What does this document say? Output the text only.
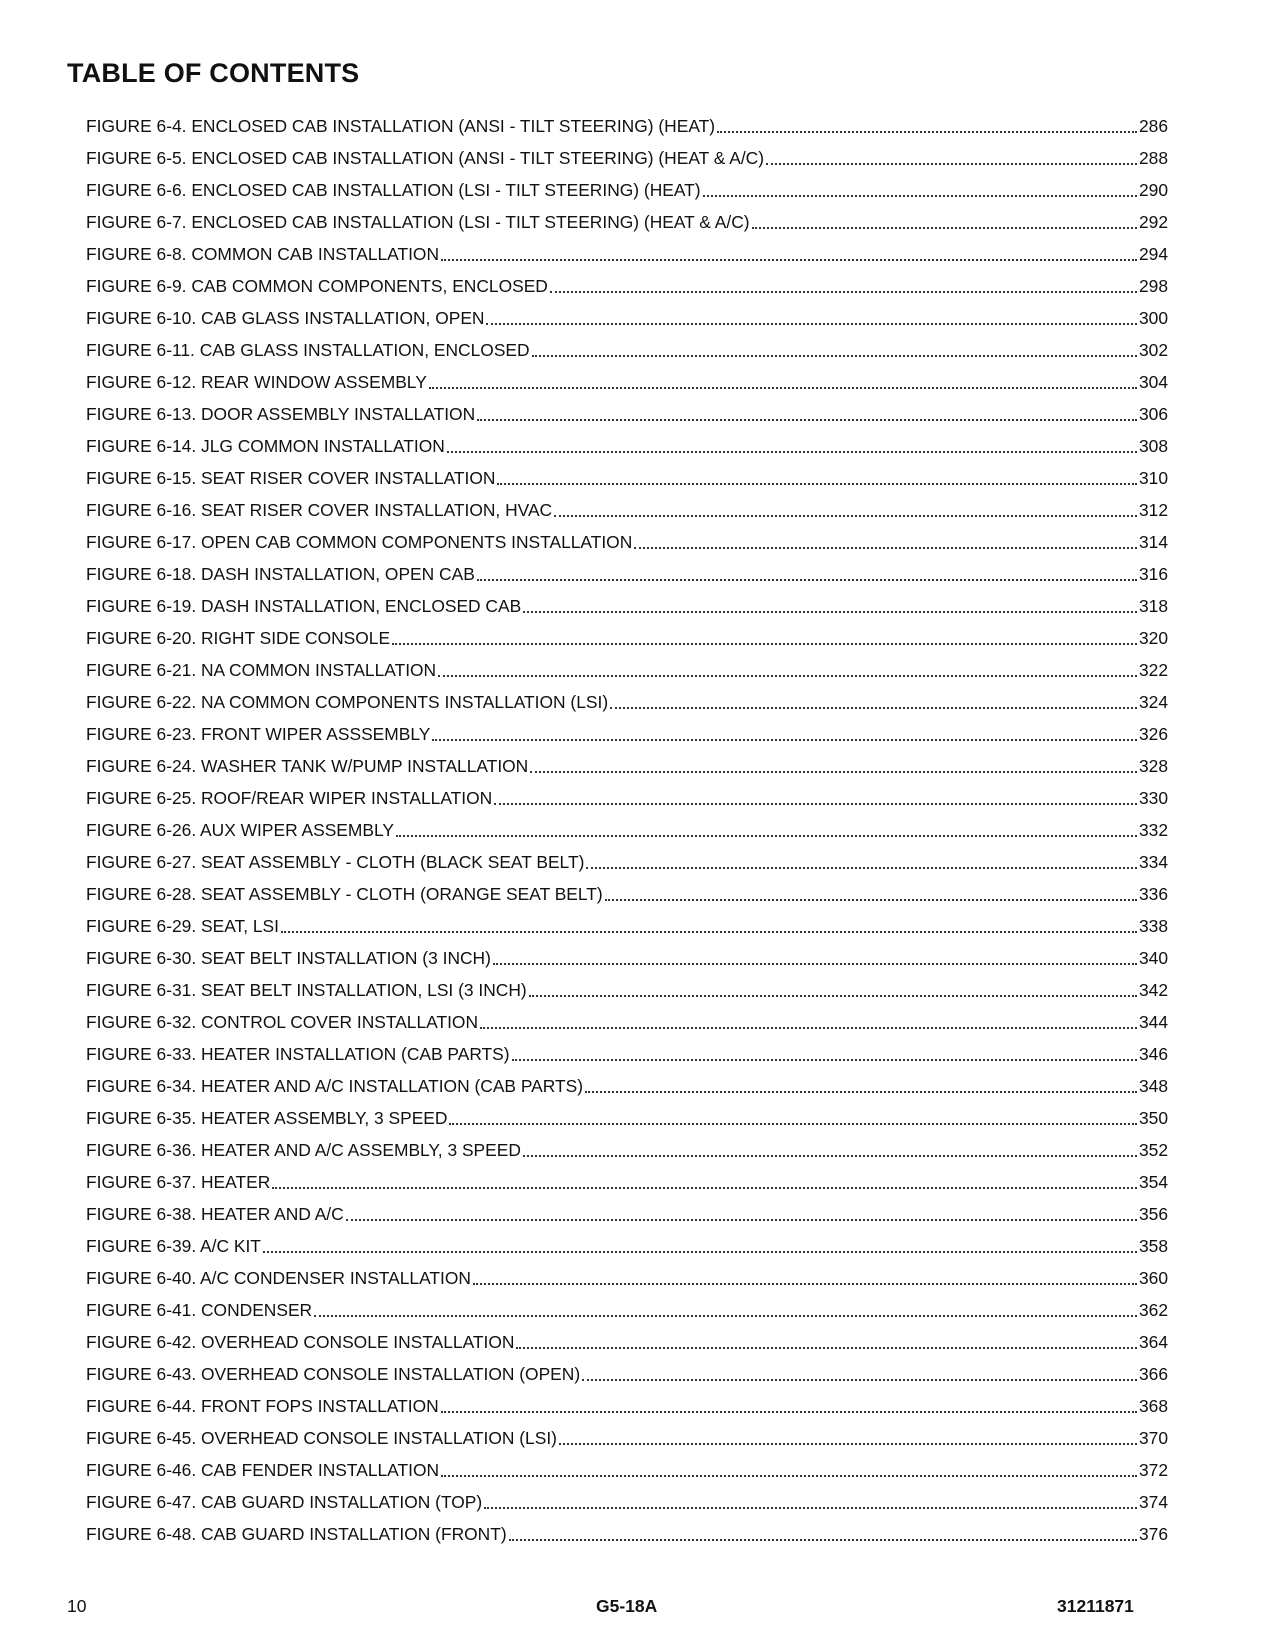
TABLE OF CONTENTS
FIGURE 6-4. ENCLOSED CAB INSTALLATION (ANSI - TILT STEERING) (HEAT)	286
FIGURE 6-5. ENCLOSED CAB INSTALLATION (ANSI - TILT STEERING) (HEAT & A/C)	288
FIGURE 6-6. ENCLOSED CAB INSTALLATION (LSI - TILT STEERING) (HEAT)	290
FIGURE 6-7. ENCLOSED CAB INSTALLATION (LSI - TILT STEERING) (HEAT & A/C)	292
FIGURE 6-8. COMMON CAB INSTALLATION	294
FIGURE 6-9. CAB COMMON COMPONENTS, ENCLOSED	298
FIGURE 6-10. CAB GLASS INSTALLATION, OPEN	300
FIGURE 6-11. CAB GLASS INSTALLATION, ENCLOSED	302
FIGURE 6-12. REAR WINDOW ASSEMBLY	304
FIGURE 6-13. DOOR ASSEMBLY INSTALLATION	306
FIGURE 6-14. JLG COMMON INSTALLATION	308
FIGURE 6-15. SEAT RISER COVER INSTALLATION	310
FIGURE 6-16. SEAT RISER COVER INSTALLATION, HVAC	312
FIGURE 6-17. OPEN CAB COMMON COMPONENTS INSTALLATION	314
FIGURE 6-18. DASH INSTALLATION, OPEN CAB	316
FIGURE 6-19. DASH INSTALLATION, ENCLOSED CAB	318
FIGURE 6-20. RIGHT SIDE CONSOLE	320
FIGURE 6-21. NA COMMON INSTALLATION	322
FIGURE 6-22. NA COMMON COMPONENTS INSTALLATION (LSI)	324
FIGURE 6-23. FRONT WIPER ASSSEMBLY	326
FIGURE 6-24. WASHER TANK W/PUMP INSTALLATION	328
FIGURE 6-25. ROOF/REAR WIPER INSTALLATION	330
FIGURE 6-26. AUX WIPER ASSEMBLY	332
FIGURE 6-27. SEAT ASSEMBLY - CLOTH (BLACK SEAT BELT)	334
FIGURE 6-28. SEAT ASSEMBLY - CLOTH (ORANGE SEAT BELT)	336
FIGURE 6-29. SEAT, LSI	338
FIGURE 6-30. SEAT BELT INSTALLATION (3 INCH)	340
FIGURE 6-31. SEAT BELT INSTALLATION, LSI (3 INCH)	342
FIGURE 6-32. CONTROL COVER INSTALLATION	344
FIGURE 6-33. HEATER INSTALLATION (CAB PARTS)	346
FIGURE 6-34. HEATER AND A/C INSTALLATION (CAB PARTS)	348
FIGURE 6-35. HEATER ASSEMBLY, 3 SPEED	350
FIGURE 6-36. HEATER AND A/C ASSEMBLY, 3 SPEED	352
FIGURE 6-37. HEATER	354
FIGURE 6-38. HEATER AND A/C	356
FIGURE 6-39. A/C KIT	358
FIGURE 6-40. A/C CONDENSER INSTALLATION	360
FIGURE 6-41. CONDENSER	362
FIGURE 6-42. OVERHEAD CONSOLE INSTALLATION	364
FIGURE 6-43. OVERHEAD CONSOLE INSTALLATION (OPEN)	366
FIGURE 6-44. FRONT FOPS INSTALLATION	368
FIGURE 6-45. OVERHEAD CONSOLE INSTALLATION (LSI)	370
FIGURE 6-46. CAB FENDER INSTALLATION	372
FIGURE 6-47. CAB GUARD INSTALLATION (TOP)	374
FIGURE 6-48. CAB GUARD INSTALLATION (FRONT)	376
10	G5-18A	31211871
